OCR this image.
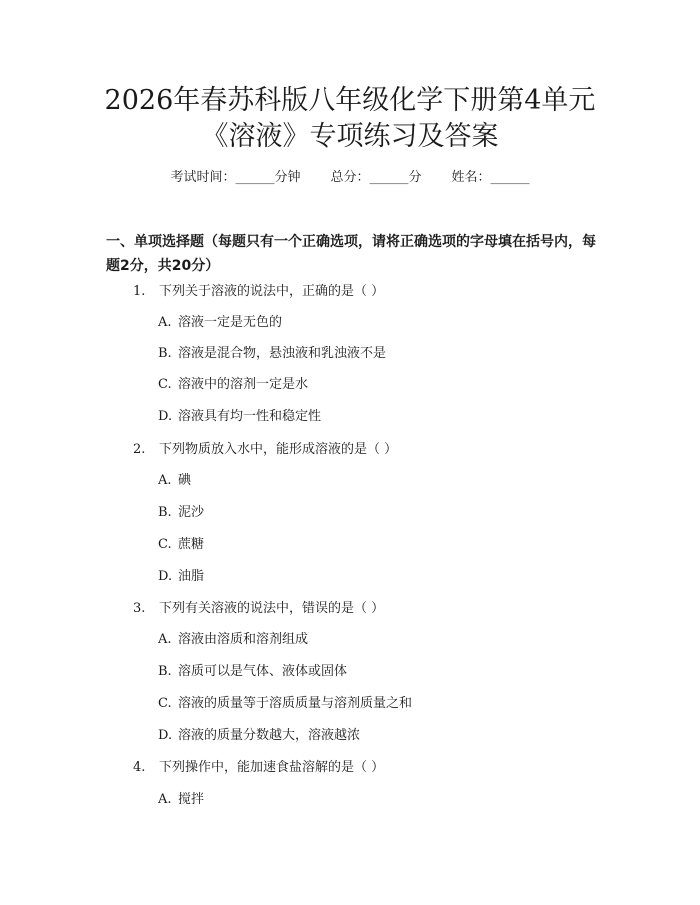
2026年春苏科版八年级化学下册第4单元
《溶液》专项练习及答案
考试时间：______分钟 总分：______分 姓名：______
一、单项选择题（每题只有一个正确选项，请将正确选项的字母填在括号内，每题2分，共20分）
1. 下列关于溶液的说法中，正确的是（ ）
A. 溶液一定是无色的
B. 溶液是混合物，悬浊液和乳浊液不是
C. 溶液中的溶剂一定是水
D. 溶液具有均一性和稳定性
2. 下列物质放入水中，能形成溶液的是（ ）
A. 碘
B. 泥沙
C. 蔗糖
D. 油脂
3. 下列有关溶液的说法中，错误的是（ ）
A. 溶液由溶质和溶剂组成
B. 溶质可以是气体、液体或固体
C. 溶液的质量等于溶质质量与溶剂质量之和
D. 溶液的质量分数越大，溶液越浓
4. 下列操作中，能加速食盐溶解的是（ ）
A. 搅拌
